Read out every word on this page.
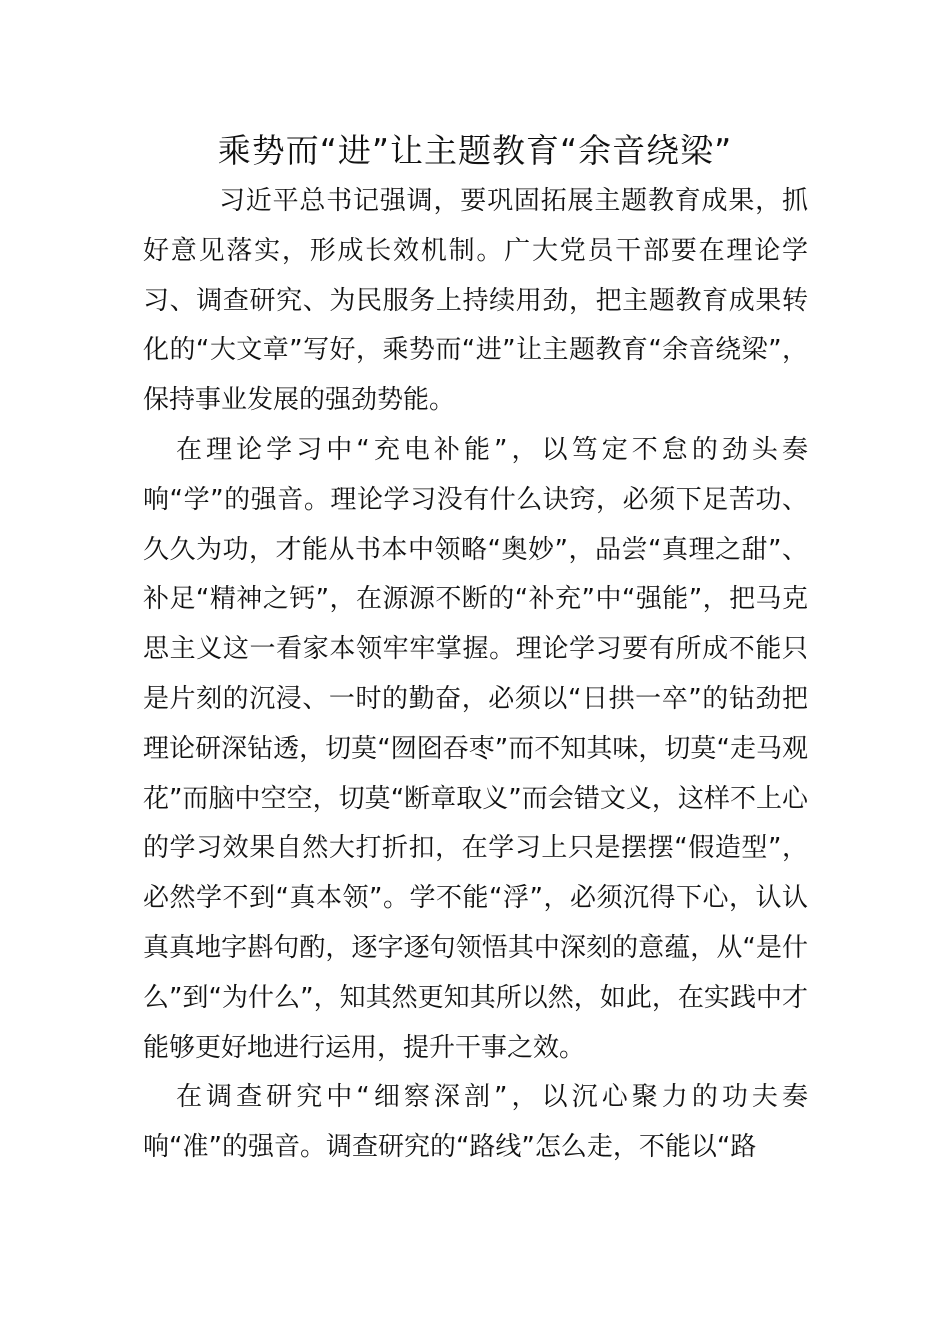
乘势而“进”让主题教育“余音绕梁”

习近平总书记强调，要巩固拓展主题教育成果，抓好意见落实，形成长效机制。广大党员干部要在理论学习、调查研究、为民服务上持续用劲，把主题教育成果转化的“大文章”写好，乘势而“进”让主题教育“余音绕梁”，保持事业发展的强劲势能。

在理论学习中“充电补能”，以笃定不怠的劲头奏响“学”的强音。理论学习没有什么诀窍，必须下足苦功、久久为功，才能从书本中领略“奥妙”，品尝“真理之甜”、补足“精神之钙”，在源源不断的“补充”中“强能”，把马克思主义这一看家本领牢牢掌握。理论学习要有所成不能只是片刻的沉浸、一时的勤奋，必须以“日拱一卒”的钻劲把理论研深钻透，切莫“囫囵吞枣”而不知其味，切莫“走马观花”而脑中空空，切莫“断章取义”而会错文义，这样不上心的学习效果自然大打折扣，在学习上只是摆摆“假造型”，必然学不到“真本领”。学不能“浮”，必须沉得下心，认认真真地字斟句酌，逐字逐句领悟其中深刻的意蕴，从“是什么”到“为什么”，知其然更知其所以然，如此，在实践中才能够更好地进行运用，提升干事之效。

在调查研究中“细察深剖”，以沉心聚力的功夫奏响“准”的强音。调查研究的“路线”怎么走，不能以“路
